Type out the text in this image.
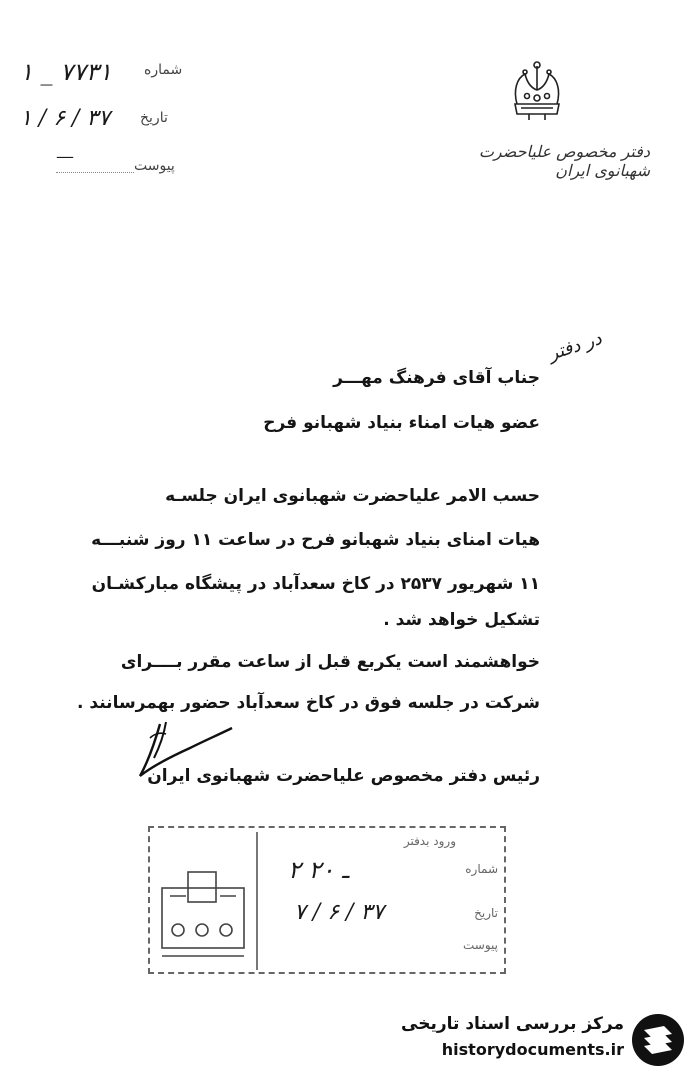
شماره
۱ _ ۷۷۳۱
تاریخ
۱ / ۶ / ۳۷
پیوست
—	دفتر مخصوص علیاحضرت شهبانوی ایران
در دفتر
جناب آقای فرهنگ مهـــر
عضو هیات امناء بنیاد شهبانو فرح
حسب الامر علیاحضرت شهبانوی ایران جلسـه
هیات امنای بنیاد شهبانو فرح در ساعت ۱۱ روز شنبـــه
۱۱ شهریور ۲۵۳۷ در کاخ سعدآباد در پیشگاه مبارکشـان
تشکیل خواهد شد .
خواهشمند است یکربع قبل از ساعت مقرر بــــرای
شرکت در جلسه فوق در کاخ سعدآباد حضور بهمرسانند .
رئیس دفتر مخصوص علیاحضرت شهبانوی ایران
ورود بدفتر
شماره
۲ ـ ۲۰
تاریخ
۷ / ۶ / ۳۷
پیوست
مرکز بررسی اسناد تاریخی
historydocuments.ir
